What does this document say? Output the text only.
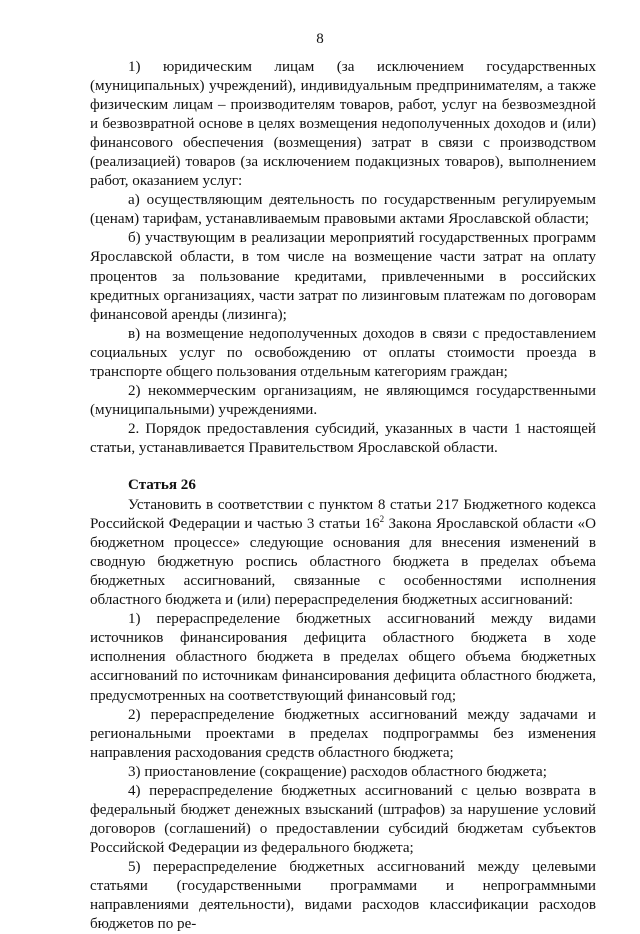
8

1) юридическим лицам (за исключением государственных (муниципальных) учреждений), индивидуальным предпринимателям, а также физическим лицам – производителям товаров, работ, услуг на безвозмездной и безвозвратной основе в целях возмещения недополученных доходов и (или) финансового обеспечения (возмещения) затрат в связи с производством (реализацией) товаров (за исключением подакцизных товаров), выполнением работ, оказанием услуг:

а) осуществляющим деятельность по государственным регулируемым (ценам) тарифам, устанавливаемым правовыми актами Ярославской области;

б) участвующим в реализации мероприятий государственных программ Ярославской области, в том числе на возмещение части затрат на оплату процентов за пользование кредитами, привлеченными в российских кредитных организациях, части затрат по лизинговым платежам по договорам финансовой аренды (лизинга);

в) на возмещение недополученных доходов в связи с предоставлением социальных услуг по освобождению от оплаты стоимости проезда в транспорте общего пользования отдельным категориям граждан;

2) некоммерческим организациям, не являющимся государственными (муниципальными) учреждениями.

2. Порядок предоставления субсидий, указанных в части 1 настоящей статьи, устанавливается Правительством Ярославской области.

Статья 26

Установить в соответствии с пунктом 8 статьи 217 Бюджетного кодекса Российской Федерации и частью 3 статьи $16^2$ Закона Ярославской области «О бюджетном процессе» следующие основания для внесения изменений в сводную бюджетную роспись областного бюджета в пределах объема бюджетных ассигнований, связанные с особенностями исполнения областного бюджета и (или) перераспределения бюджетных ассигнований:

1) перераспределение бюджетных ассигнований между видами источников финансирования дефицита областного бюджета в ходе исполнения областного бюджета в пределах общего объема бюджетных ассигнований по источникам финансирования дефицита областного бюджета, предусмотренных на соответствующий финансовый год;

2) перераспределение бюджетных ассигнований между задачами и региональными проектами в пределах подпрограммы без изменения направления расходования средств областного бюджета;

3) приостановление (сокращение) расходов областного бюджета;

4) перераспределение бюджетных ассигнований с целью возврата в федеральный бюджет денежных взысканий (штрафов) за нарушение условий договоров (соглашений) о предоставлении субсидий бюджетам субъектов Российской Федерации из федерального бюджета;

5) перераспределение бюджетных ассигнований между целевыми статьями (государственными программами и непрограммными направлениями деятельности), видами расходов классификации расходов бюджетов по ре-
